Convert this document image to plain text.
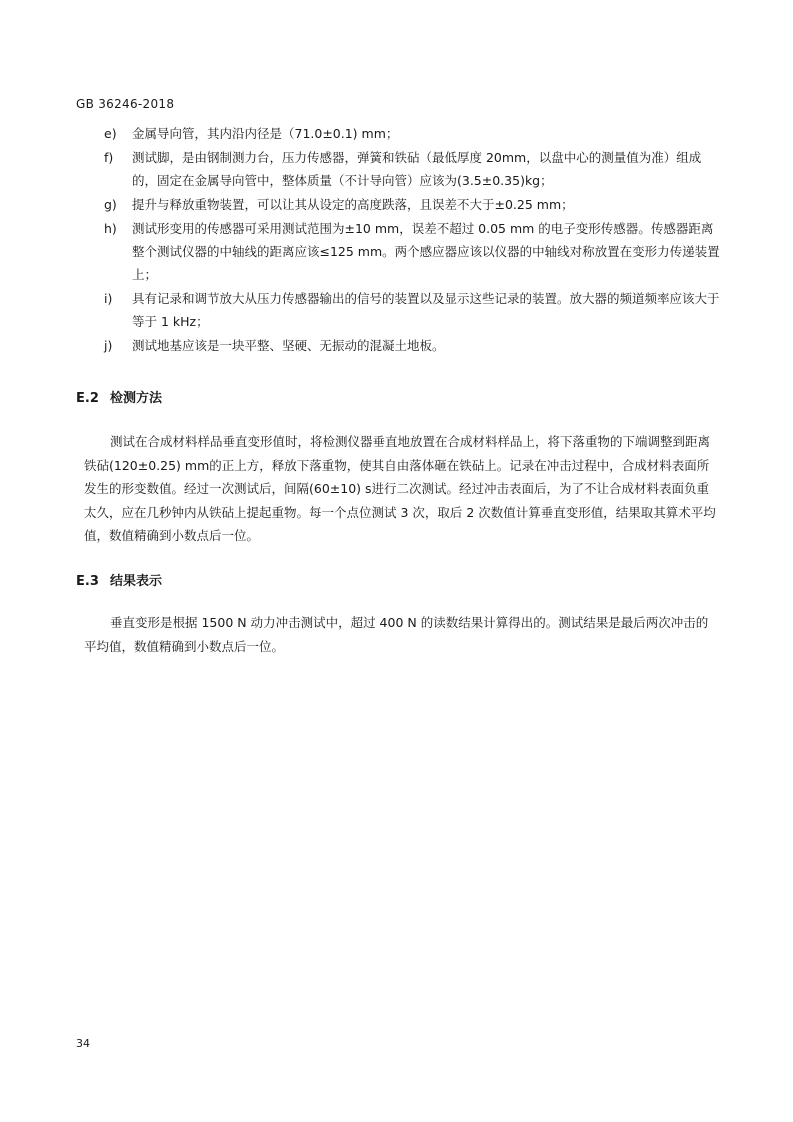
GB 36246-2018
e) 金属导向管，其内沿内径是（71.0±0.1) mm；
f) 测试脚，是由钢制测力台，压力传感器，弹簧和铁砧（最低厚度 20mm，以盘中心的测量值为准）组成的，固定在金属导向管中，整体质量（不计导向管）应该为(3.5±0.35)kg；
g) 提升与释放重物装置，可以让其从设定的高度跌落，且误差不大于±0.25 mm；
h) 测试形变用的传感器可采用测试范围为±10 mm，误差不超过 0.05 mm 的电子变形传感器。传感器距离整个测试仪器的中轴线的距离应该≤125 mm。两个感应器应该以仪器的中轴线对称放置在变形力传递装置上；
i) 具有记录和调节放大从压力传感器输出的信号的装置以及显示这些记录的装置。放大器的频道频率应该大于等于 1 kHz；
j) 测试地基应该是一块平整、坚硬、无振动的混凝土地板。
E.2 检测方法

测试在合成材料样品垂直变形值时，将检测仪器垂直地放置在合成材料样品上，将下落重物的下端调整到距离铁砧(120±0.25) mm的正上方，释放下落重物，使其自由落体砸在铁砧上。记录在冲击过程中，合成材料表面所发生的形变数值。经过一次测试后，间隔(60±10) s进行二次测试。经过冲击表面后，为了不让合成材料表面负重太久，应在几秒钟内从铁砧上提起重物。每一个点位测试 3 次，取后 2 次数值计算垂直变形值，结果取其算术平均值，数值精确到小数点后一位。

E.3 结果表示

垂直变形是根据 1500 N 动力冲击测试中，超过 400 N 的读数结果计算得出的。测试结果是最后两次冲击的平均值，数值精确到小数点后一位。

34
